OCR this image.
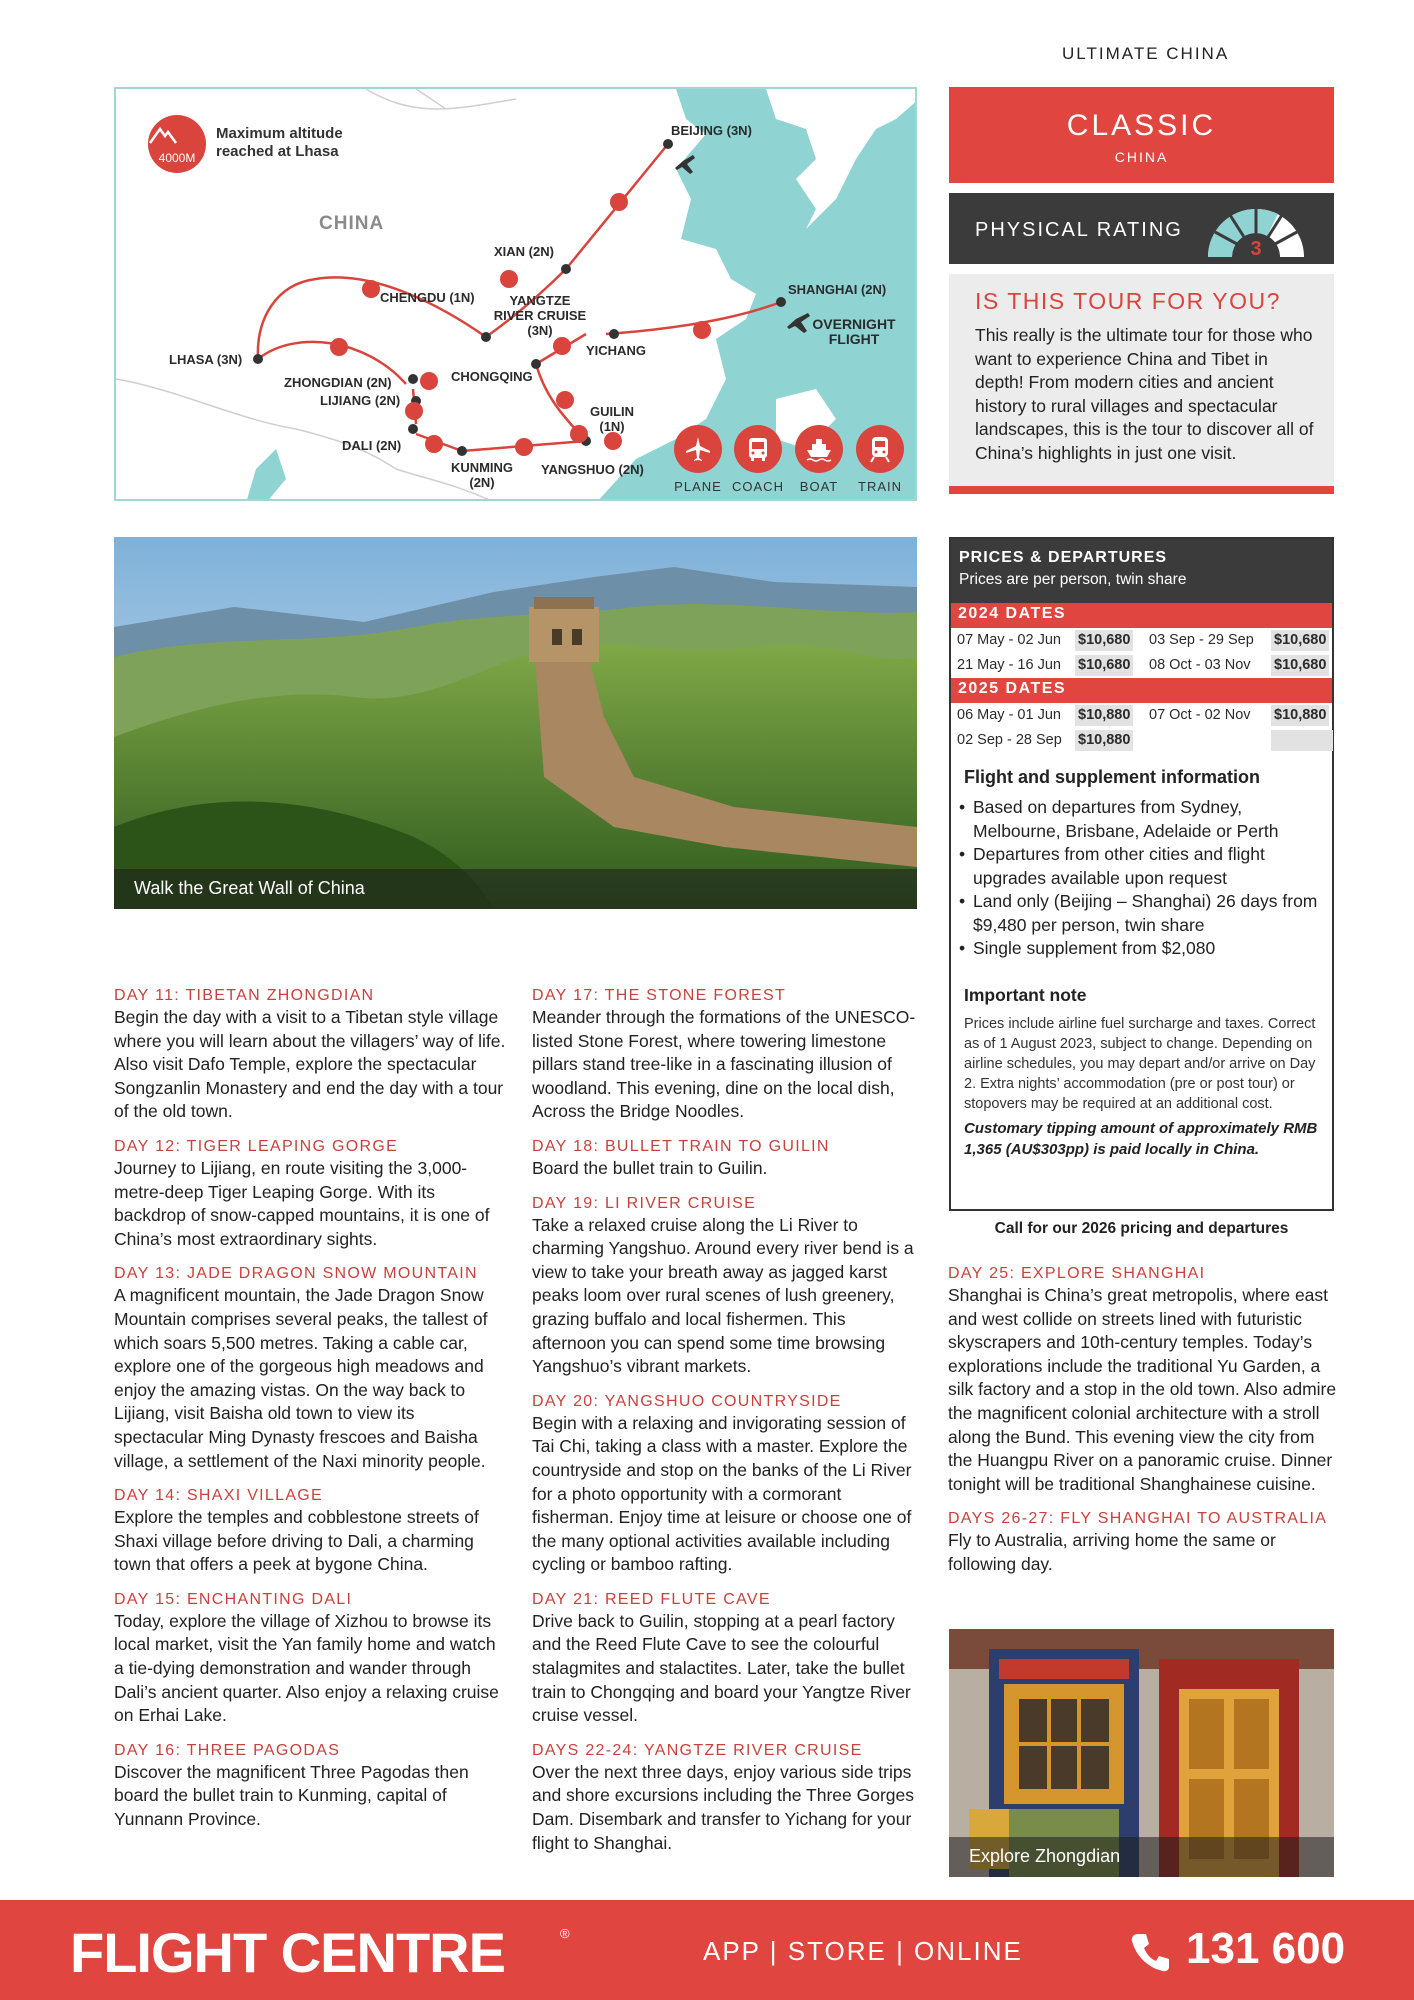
ULTIMATE CHINA
4000M
Maximum altitude reached at Lhasa
CHINA
BEIJING (3N)
XIAN (2N)
CHENGDU (1N)	YANGTZE RIVER CRUISE (3N)
SHANGHAI (2N)
OVERNIGHT FLIGHT
LHASA (3N)
YICHANG
ZHONGDIAN (2N)
LIJIANG (2N)
CHONGQING
GUILIN (1N)
DALI (2N)
KUNMING (2N)
YANGSHUO (2N)
PLANE COACH	BOAT	TRAIN
CLASSIC
CHINA
PHYSICAL RATING
3
IS THIS TOUR FOR YOU?
This really is the ultimate tour for those who want to experience China and Tibet in depth! From modern cities and ancient history to rural villages and spectacular landscapes, this is the tour to discover all of China’s highlights in just one visit.
Walk the Great Wall of China
PRICES & DEPARTURES
Prices are per person, twin share
2024 DATES
07 May - 02 Jun $10,680 03 Sep - 29 Sep $10,680
21 May - 16 Jun $10,680 08 Oct - 03 Nov $10,680
2025 DATES
06 May - 01 Jun $10,880 07 Oct - 02 Nov $10,880
02 Sep - 28 Sep $10,880
Flight and supplement information
• Based on departures from Sydney, Melbourne, Brisbane, Adelaide or Perth
• Departures from other cities and flight upgrades available upon request
• Land only (Beijing – Shanghai) 26 days from $9,480 per person, twin share
• Single supplement from $2,080
Important note
Prices include airline fuel surcharge and taxes. Correct as of 1 August 2023, subject to change. Depending on airline schedules, you may depart and/or arrive on Day 2. Extra nights’ accommodation (pre or post tour) or stopovers may be required at an additional cost.
Customary tipping amount of approximately RMB 1,365 (AU$303pp) is paid locally in China.
Call for our 2026 pricing and departures
DAY 11: TIBETAN ZHONGDIAN

Begin the day with a visit to a Tibetan style village where you will learn about the villagers’ way of life. Also visit Dafo Temple, explore the spectacular Songzanlin Monastery and end the day with a tour of the old town.

DAY 12: TIGER LEAPING GORGE

Journey to Lijiang, en route visiting the 3,000-metre-deep Tiger Leaping Gorge. With its backdrop of snow-capped mountains, it is one of China’s most extraordinary sights.

DAY 13: JADE DRAGON SNOW MOUNTAIN

A magnificent mountain, the Jade Dragon Snow Mountain comprises several peaks, the tallest of which soars 5,500 metres. Taking a cable car, explore one of the gorgeous high meadows and enjoy the amazing vistas. On the way back to Lijiang, visit Baisha old town to view its spectacular Ming Dynasty frescoes and Baisha village, a settlement of the Naxi minority people.

DAY 14: SHAXI VILLAGE

Explore the temples and cobblestone streets of Shaxi village before driving to Dali, a charming town that offers a peek at bygone China.

DAY 15: ENCHANTING DALI

Today, explore the village of Xizhou to browse its local market, visit the Yan family home and watch a tie-dying demonstration and wander through Dali’s ancient quarter. Also enjoy a relaxing cruise on Erhai Lake.

DAY 16: THREE PAGODAS

Discover the magnificent Three Pagodas then board the bullet train to Kunming, capital of Yunnann Province.

DAY 17: THE STONE FOREST

Meander through the formations of the UNESCO-listed Stone Forest, where towering limestone pillars stand tree-like in a fascinating illusion of woodland. This evening, dine on the local dish, Across the Bridge Noodles.

DAY 18: BULLET TRAIN TO GUILIN

Board the bullet train to Guilin.

DAY 19: LI RIVER CRUISE

Take a relaxed cruise along the Li River to charming Yangshuo. Around every river bend is a view to take your breath away as jagged karst peaks loom over rural scenes of lush greenery, grazing buffalo and local fishermen. This afternoon you can spend some time browsing Yangshuo’s vibrant markets.

DAY 20: YANGSHUO COUNTRYSIDE

Begin with a relaxing and invigorating session of Tai Chi, taking a class with a master. Explore the countryside and stop on the banks of the Li River for a photo opportunity with a cormorant fisherman. Enjoy time at leisure or choose one of the many optional activities available including cycling or bamboo rafting.

DAY 21: REED FLUTE CAVE

Drive back to Guilin, stopping at a pearl factory and the Reed Flute Cave to see the colourful stalagmites and stalactites. Later, take the bullet train to Chongqing and board your Yangtze River cruise vessel.

DAYS 22-24: YANGTZE RIVER CRUISE

Over the next three days, enjoy various side trips and shore excursions including the Three Gorges Dam. Disembark and transfer to Yichang for your flight to Shanghai.

DAY 25: EXPLORE SHANGHAI

Shanghai is China’s great metropolis, where east and west collide on streets lined with futuristic skyscrapers and 10th-century temples. Today’s explorations include the traditional Yu Garden, a silk factory and a stop in the old town. Also admire the magnificent colonial architecture with a stroll along the Bund. This evening view the city from the Huangpu River on a panoramic cruise. Dinner tonight will be traditional Shanghainese cuisine.

DAYS 26-27: FLY SHANGHAI TO AUSTRALIA

Fly to Australia, arriving home the same or following day.

Explore Zhongdian
FLIGHT CENTRE	®
APP | STORE | ONLINE	131 600
